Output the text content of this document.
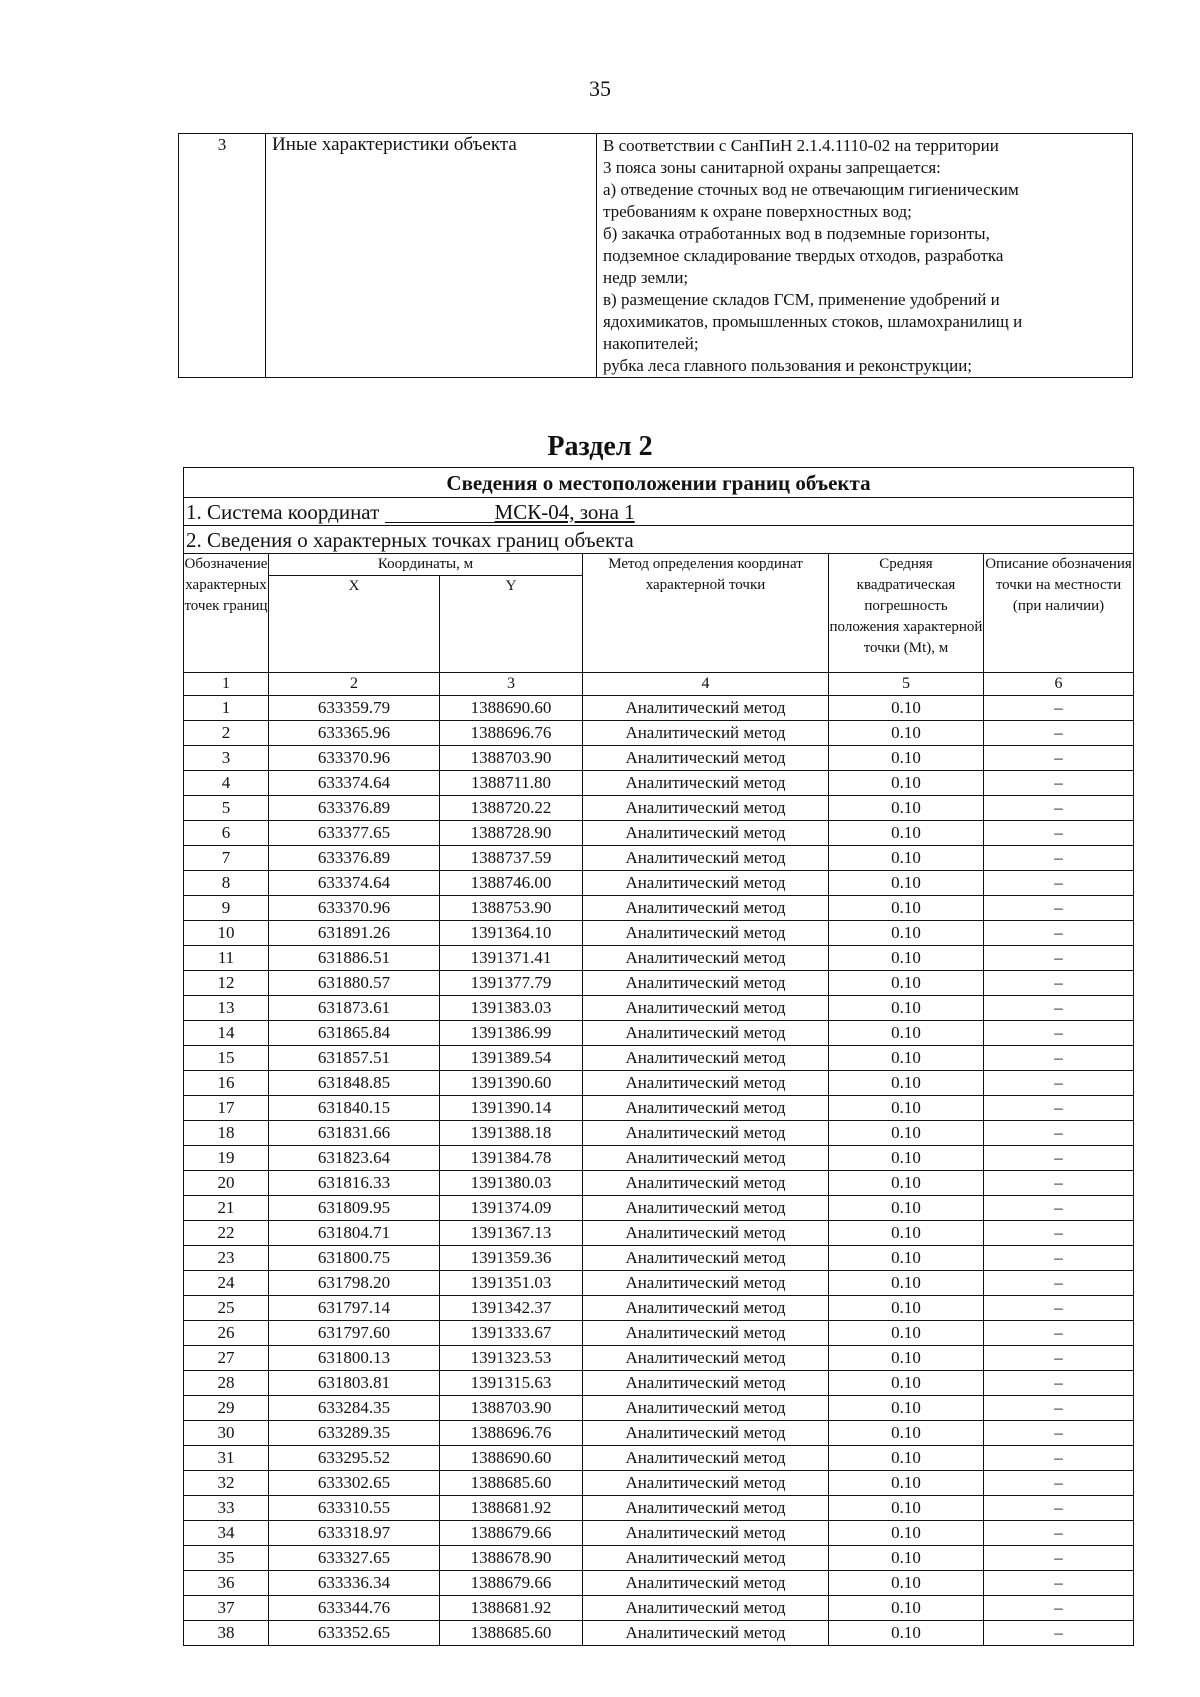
35
3	Иные характеристики объекта	В соответствии с СанПиН 2.1.4.1110-02 на территории
3 пояса зоны санитарной охраны запрещается:
а) отведение сточных вод не отвечающим гигиеническим
требованиям к охране поверхностных вод;
б) закачка отработанных вод в подземные горизонты,
подземное складирование твердых отходов, разработка
недр земли;
в) размещение складов ГСМ, применение удобрений и
ядохимикатов, промышленных стоков, шламохранилищ и
накопителей;
рубка леса главного пользования и реконструкции;
Раздел 2
Сведения о местоположении границ объекта					
1. Система координат МСК-04, зона 1					
2. Сведения о характерных точках границ объекта					
Обозначение характерных точек границ	Координаты, м		Метод определения координат характерной точки	Средняя квадратическая погрешность положения характерной точки (Mt), м	Описание обозначения точки на местности (при наличии)
	X	Y			
1	2	3	4	5	6
1	633359.79	1388690.60	Аналитический метод	0.10	–
2	633365.96	1388696.76	Аналитический метод	0.10	–
3	633370.96	1388703.90	Аналитический метод	0.10	–
4	633374.64	1388711.80	Аналитический метод	0.10	–
5	633376.89	1388720.22	Аналитический метод	0.10	–
6	633377.65	1388728.90	Аналитический метод	0.10	–
7	633376.89	1388737.59	Аналитический метод	0.10	–
8	633374.64	1388746.00	Аналитический метод	0.10	–
9	633370.96	1388753.90	Аналитический метод	0.10	–
10	631891.26	1391364.10	Аналитический метод	0.10	–
11	631886.51	1391371.41	Аналитический метод	0.10	–
12	631880.57	1391377.79	Аналитический метод	0.10	–
13	631873.61	1391383.03	Аналитический метод	0.10	–
14	631865.84	1391386.99	Аналитический метод	0.10	–
15	631857.51	1391389.54	Аналитический метод	0.10	–
16	631848.85	1391390.60	Аналитический метод	0.10	–
17	631840.15	1391390.14	Аналитический метод	0.10	–
18	631831.66	1391388.18	Аналитический метод	0.10	–
19	631823.64	1391384.78	Аналитический метод	0.10	–
20	631816.33	1391380.03	Аналитический метод	0.10	–
21	631809.95	1391374.09	Аналитический метод	0.10	–
22	631804.71	1391367.13	Аналитический метод	0.10	–
23	631800.75	1391359.36	Аналитический метод	0.10	–
24	631798.20	1391351.03	Аналитический метод	0.10	–
25	631797.14	1391342.37	Аналитический метод	0.10	–
26	631797.60	1391333.67	Аналитический метод	0.10	–
27	631800.13	1391323.53	Аналитический метод	0.10	–
28	631803.81	1391315.63	Аналитический метод	0.10	–
29	633284.35	1388703.90	Аналитический метод	0.10	–
30	633289.35	1388696.76	Аналитический метод	0.10	–
31	633295.52	1388690.60	Аналитический метод	0.10	–
32	633302.65	1388685.60	Аналитический метод	0.10	–
33	633310.55	1388681.92	Аналитический метод	0.10	–
34	633318.97	1388679.66	Аналитический метод	0.10	–
35	633327.65	1388678.90	Аналитический метод	0.10	–
36	633336.34	1388679.66	Аналитический метод	0.10	–
37	633344.76	1388681.92	Аналитический метод	0.10	–
38	633352.65	1388685.60	Аналитический метод	0.10	–
